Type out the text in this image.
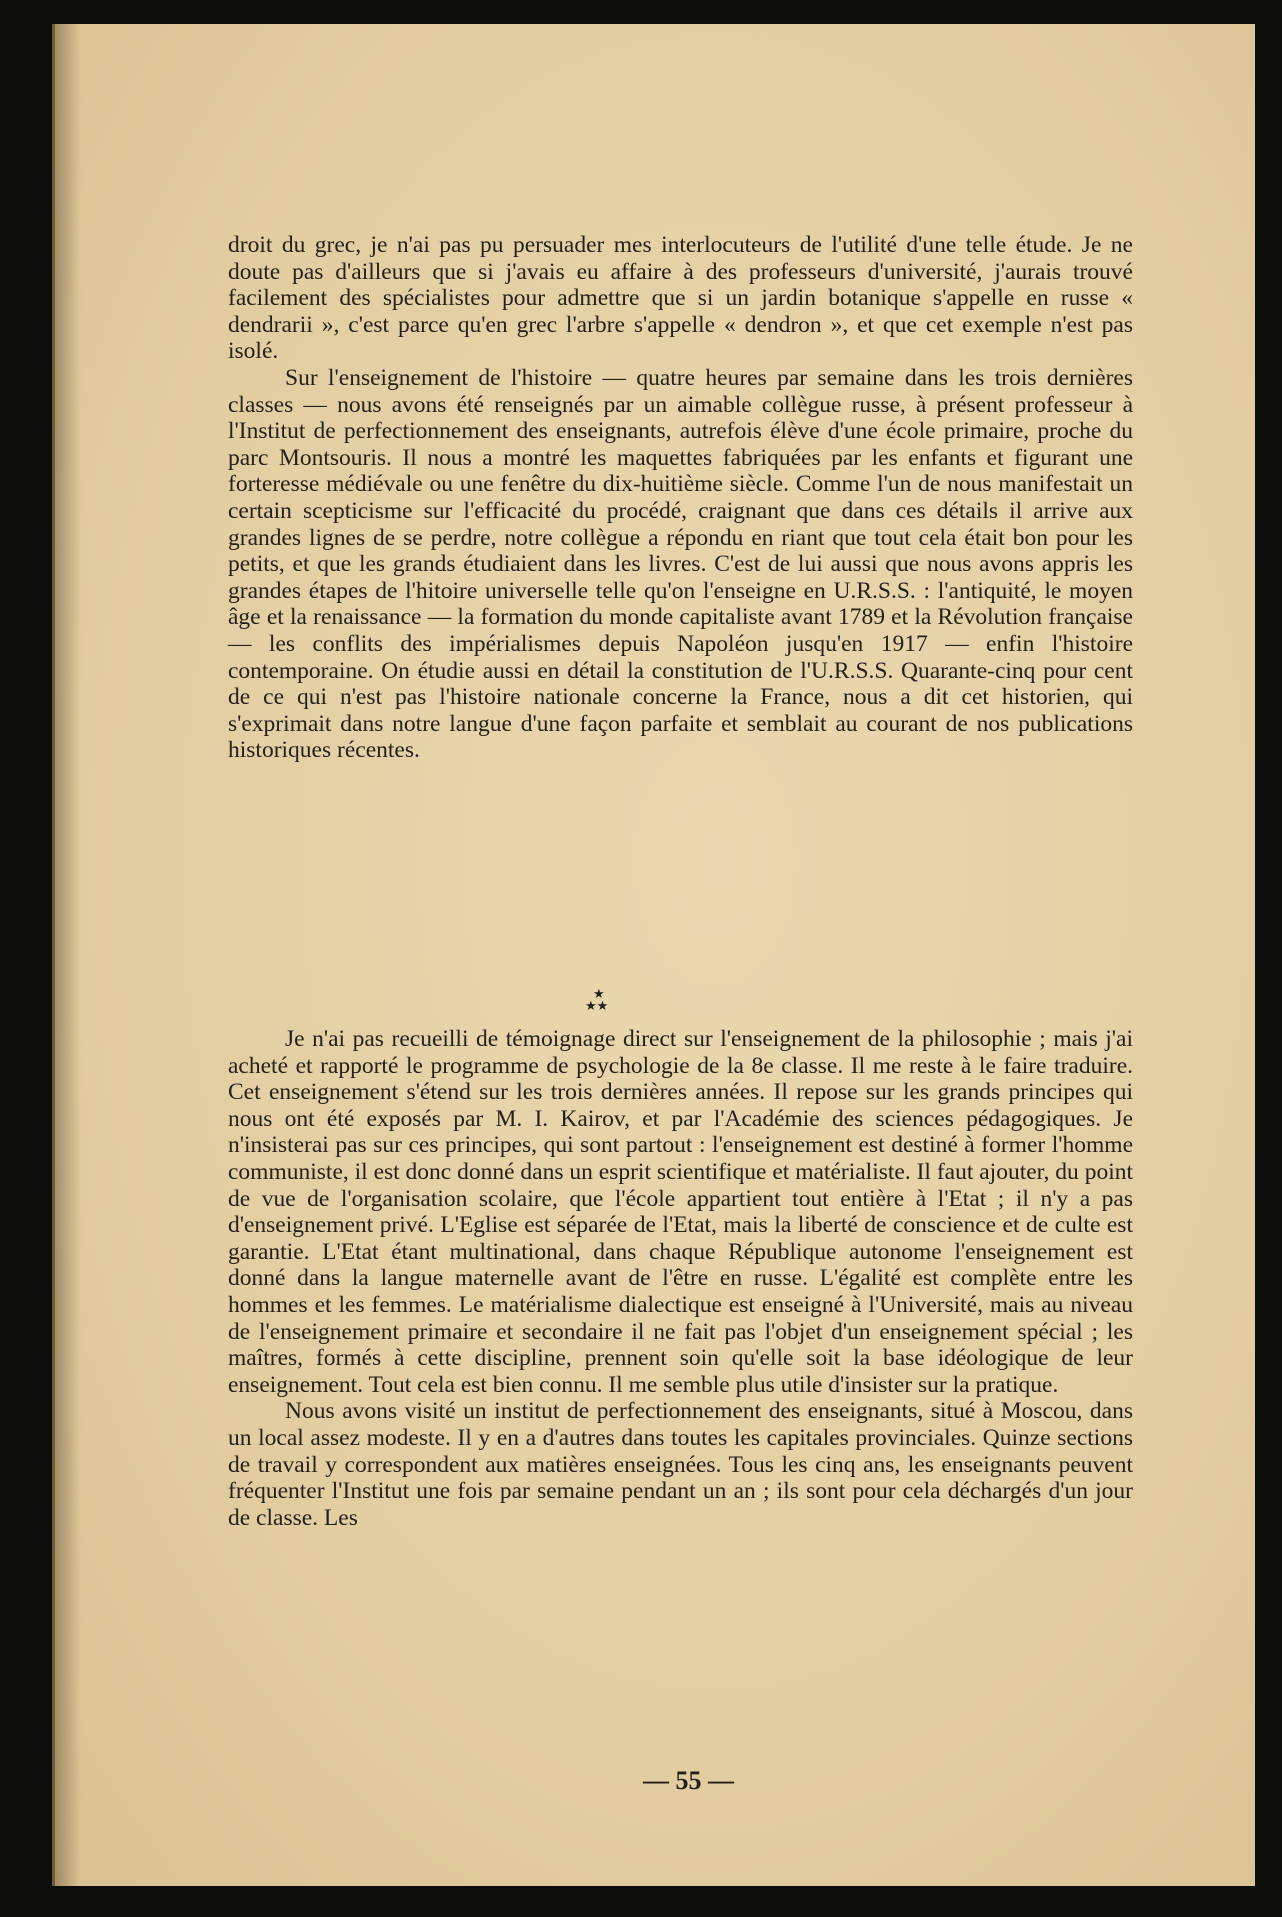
droit du grec, je n'ai pas pu persuader mes interlocuteurs de l'utilité d'une telle étude. Je ne doute pas d'ailleurs que si j'avais eu affaire à des professeurs d'université, j'aurais trouvé facilement des spécialistes pour admettre que si un jardin botanique s'appelle en russe « dendrarii », c'est parce qu'en grec l'arbre s'appelle « dendron », et que cet exemple n'est pas isolé.

Sur l'enseignement de l'histoire — quatre heures par semaine dans les trois dernières classes — nous avons été renseignés par un aimable collègue russe, à présent professeur à l'Institut de perfectionnement des enseignants, autrefois élève d'une école primaire, proche du parc Montsouris. Il nous a montré les maquettes fabriquées par les enfants et figurant une forteresse médiévale ou une fenêtre du dix-huitième siècle. Comme l'un de nous manifestait un certain scepticisme sur l'efficacité du procédé, craignant que dans ces détails il arrive aux grandes lignes de se perdre, notre collègue a répondu en riant que tout cela était bon pour les petits, et que les grands étudiaient dans les livres. C'est de lui aussi que nous avons appris les grandes étapes de l'hitoire universelle telle qu'on l'enseigne en U.R.S.S. : l'antiquité, le moyen âge et la renaissance — la formation du monde capitaliste avant 1789 et la Révolution française — les conflits des impérialismes depuis Napoléon jusqu'en 1917 — enfin l'histoire contemporaine. On étudie aussi en détail la constitution de l'U.R.S.S. Quarante-cinq pour cent de ce qui n'est pas l'histoire nationale concerne la France, nous a dit cet historien, qui s'exprimait dans notre langue d'une façon parfaite et semblait au courant de nos publications historiques récentes.

★
★★

Je n'ai pas recueilli de témoignage direct sur l'enseignement de la philosophie ; mais j'ai acheté et rapporté le programme de psychologie de la 8e classe. Il me reste à le faire traduire. Cet enseignement s'étend sur les trois dernières années. Il repose sur les grands principes qui nous ont été exposés par M. I. Kairov, et par l'Académie des sciences pédagogiques. Je n'insisterai pas sur ces principes, qui sont partout : l'enseignement est destiné à former l'homme communiste, il est donc donné dans un esprit scientifique et matérialiste. Il faut ajouter, du point de vue de l'organisation scolaire, que l'école appartient tout entière à l'Etat ; il n'y a pas d'enseignement privé. L'Eglise est séparée de l'Etat, mais la liberté de conscience et de culte est garantie. L'Etat étant multinational, dans chaque République autonome l'enseignement est donné dans la langue maternelle avant de l'être en russe. L'égalité est complète entre les hommes et les femmes. Le matérialisme dialectique est enseigné à l'Université, mais au niveau de l'enseignement primaire et secondaire il ne fait pas l'objet d'un enseignement spécial ; les maîtres, formés à cette discipline, prennent soin qu'elle soit la base idéologique de leur enseignement. Tout cela est bien connu. Il me semble plus utile d'insister sur la pratique.

Nous avons visité un institut de perfectionnement des enseignants, situé à Moscou, dans un local assez modeste. Il y en a d'autres dans toutes les capitales provinciales. Quinze sections de travail y correspondent aux matières enseignées. Tous les cinq ans, les enseignants peuvent fréquenter l'Institut une fois par semaine pendant un an ; ils sont pour cela déchargés d'un jour de classe. Les

— 55 —
